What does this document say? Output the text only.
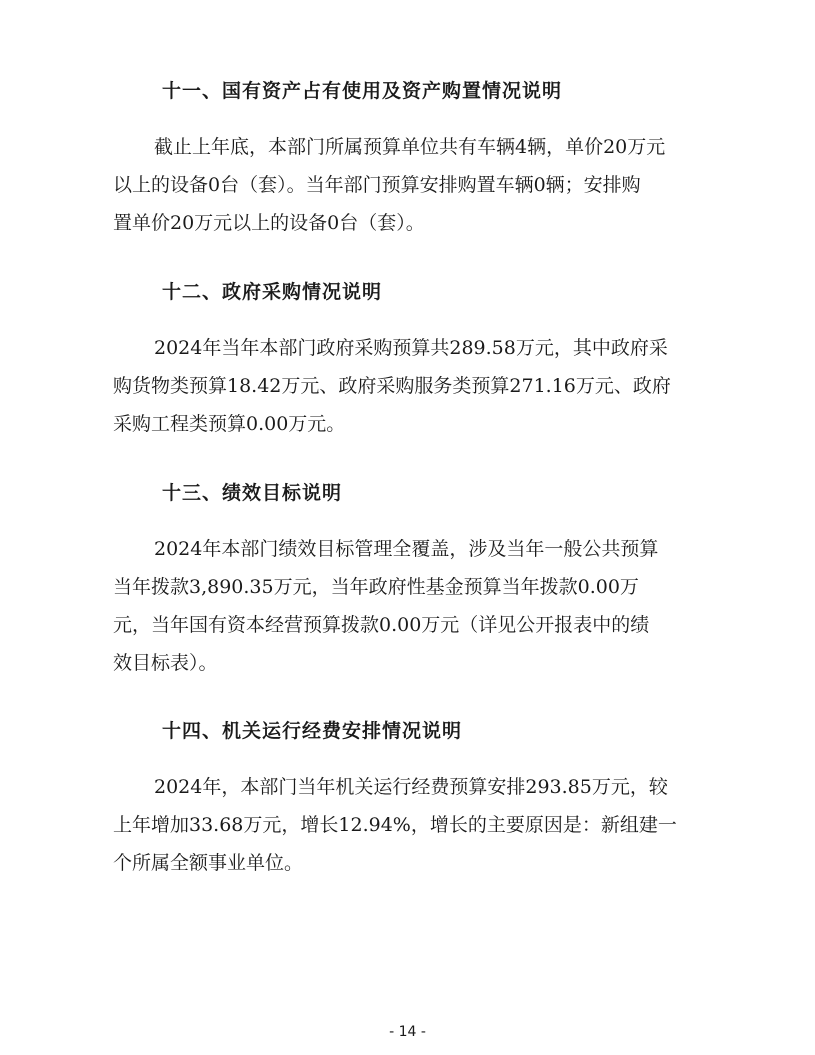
十一、国有资产占有使用及资产购置情况说明
截止上年底，本部门所属预算单位共有车辆4辆，单价20万元
以上的设备0台（套）。当年部门预算安排购置车辆0辆；安排购
置单价20万元以上的设备0台（套）。
十二、政府采购情况说明
2024年当年本部门政府采购预算共289.58万元，其中政府采
购货物类预算18.42万元、政府采购服务类预算271.16万元、政府
采购工程类预算0.00万元。
十三、绩效目标说明
2024年本部门绩效目标管理全覆盖，涉及当年一般公共预算
当年拨款3,890.35万元，当年政府性基金预算当年拨款0.00万
元，当年国有资本经营预算拨款0.00万元（详见公开报表中的绩
效目标表）。
十四、机关运行经费安排情况说明
2024年，本部门当年机关运行经费预算安排293.85万元，较
上年增加33.68万元，增长12.94%，增长的主要原因是：新组建一
个所属全额事业单位。
- 14 -
